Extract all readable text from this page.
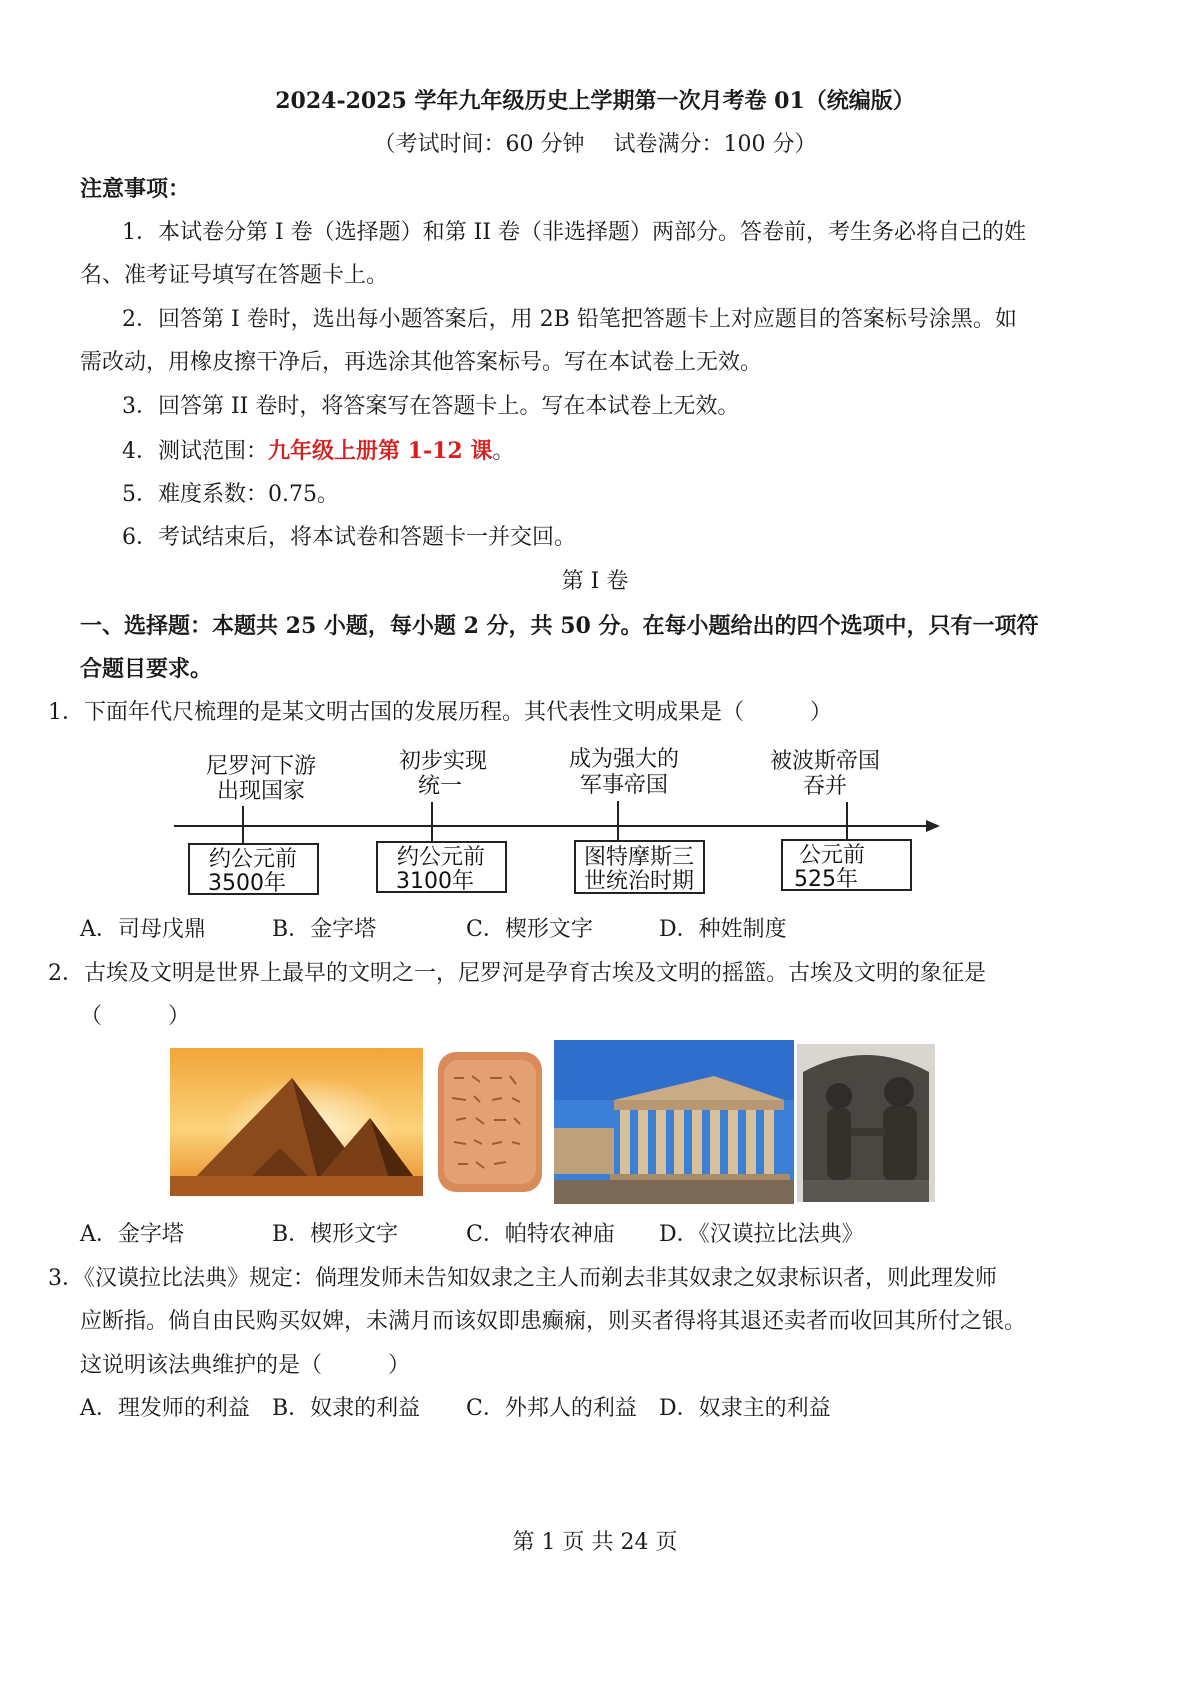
2024-2025 学年九年级历史上学期第一次月考卷 01（统编版）
（考试时间：60 分钟　 试卷满分：100 分）
注意事项：
1．本试卷分第 I 卷（选择题）和第 II 卷（非选择题）两部分。答卷前，考生务必将自己的姓
名、准考证号填写在答题卡上。
2．回答第 I 卷时，选出每小题答案后，用 2B 铅笔把答题卡上对应题目的答案标号涂黑。如
需改动，用橡皮擦干净后，再选涂其他答案标号。写在本试卷上无效。
3．回答第 II 卷时，将答案写在答题卡上。写在本试卷上无效。
4．测试范围：九年级上册第 1-12 课。
5．难度系数：0.75。
6．考试结束后，将本试卷和答题卡一并交回。
第 I 卷
一、选择题：本题共 25 小题，每小题 2 分，共 50 分。在每小题给出的四个选项中，只有一项符
合题目要求。
1．下面年代尺梳理的是某文明古国的发展历程。其代表性文明成果是（　　　）
尼罗河下游
出现国家
约公元前
3500年
初步实现
统一
约公元前
3100年
成为强大的
军事帝国
图特摩斯三
世统治时期
被波斯帝国
吞并
公元前
525年
A．司母戊鼎	B．金字塔	C．楔形文字	D．种姓制度
2．古埃及文明是世界上最早的文明之一，尼罗河是孕育古埃及文明的摇篮。古埃及文明的象征是
（　　　）
A．金字塔	B．楔形文字	C．帕特农神庙 D．《汉谟拉比法典》
3．《汉谟拉比法典》规定：倘理发师未告知奴隶之主人而剃去非其奴隶之奴隶标识者，则此理发师
应断指。倘自由民购买奴婢，未满月而该奴即患癫痫，则买者得将其退还卖者而收回其所付之银。
这说明该法典维护的是（　　　）
A．理发师的利益 B．奴隶的利益 C．外邦人的利益 D．奴隶主的利益
第 1 页 共 24 页
